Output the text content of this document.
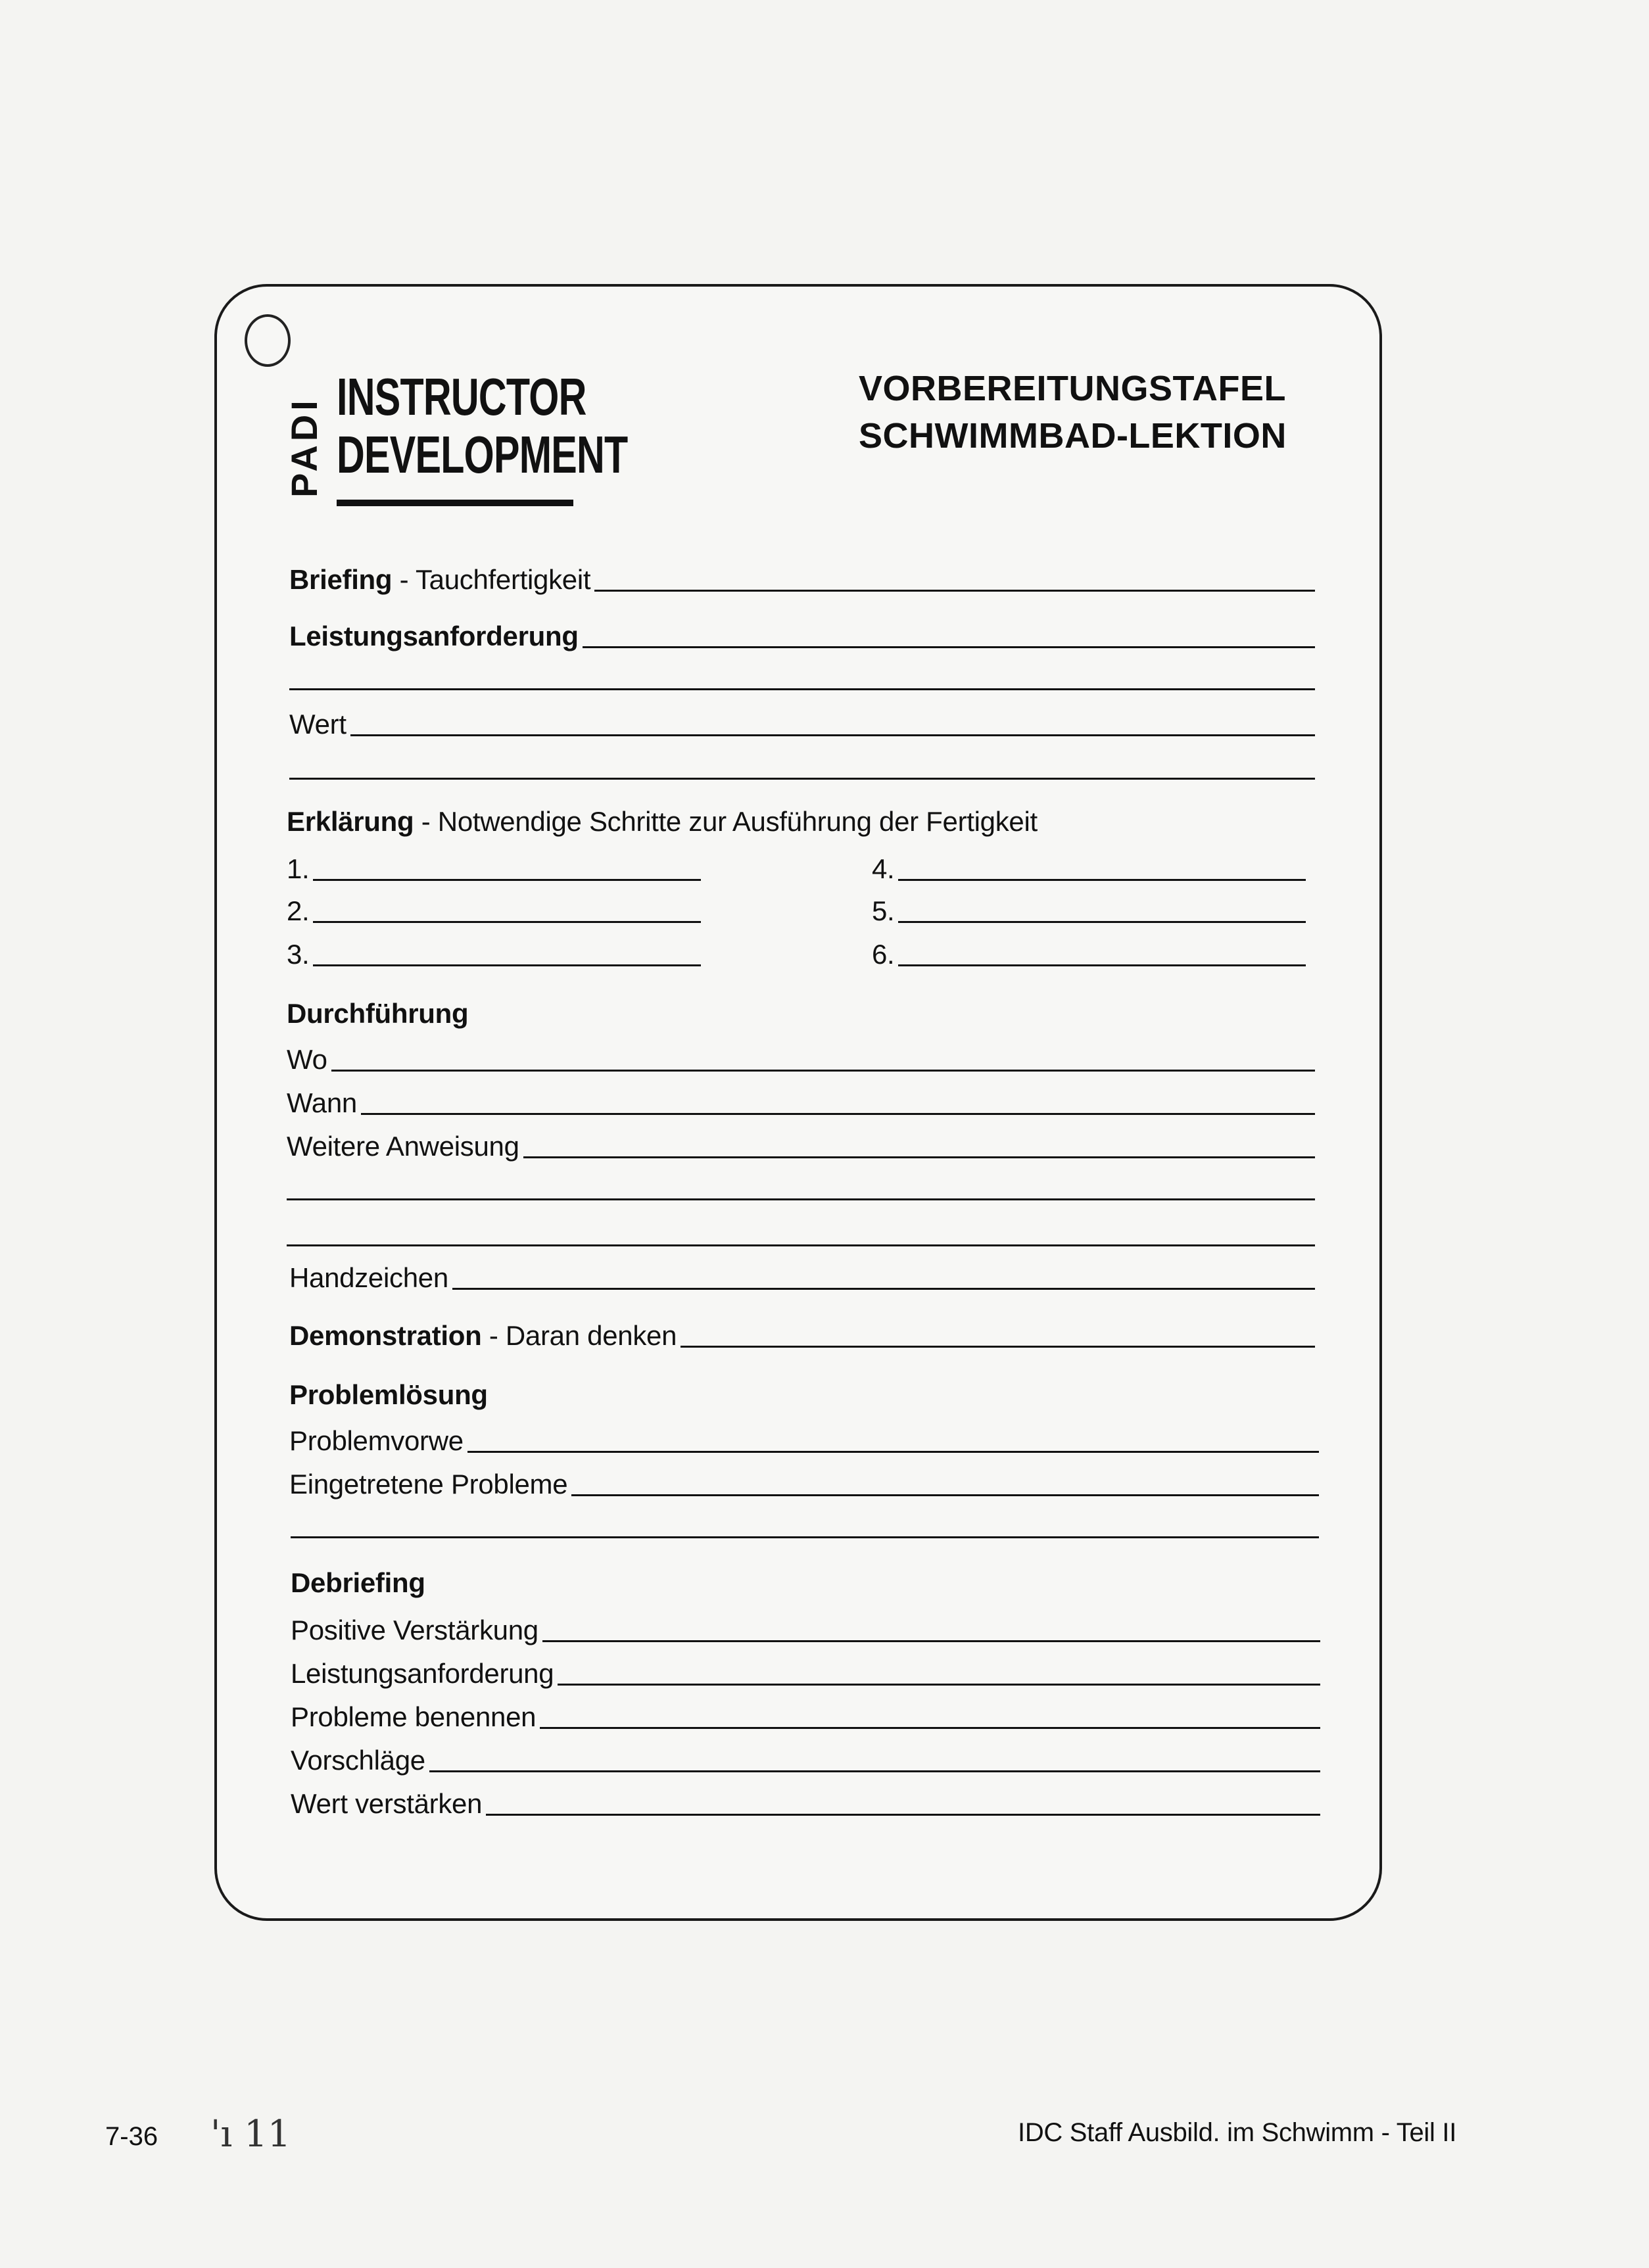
PADI INSTRUCTOR
DEVELOPMENT
VORBEREITUNGSTAFEL
SCHWIMMBAD-LEKTION
Briefing - Tauchfertigkeit
Leistungsanforderung
Wert
Erklärung - Notwendige Schritte zur Ausführung der Fertigkeit
1.
2.
3.
4.
5.
6.
Durchführung
Wo
Wann
Weitere Anweisung
Handzeichen
Demonstration - Daran denken
Problemlösung
Problemvorwe
Eingetretene Probleme
Debriefing
Positive Verstärkung
Leistungsanforderung
Probleme benennen
Vorschläge
Wert verstärken
7-36 'ı 11	IDC Staff Ausbild. im Schwimm - Teil II
